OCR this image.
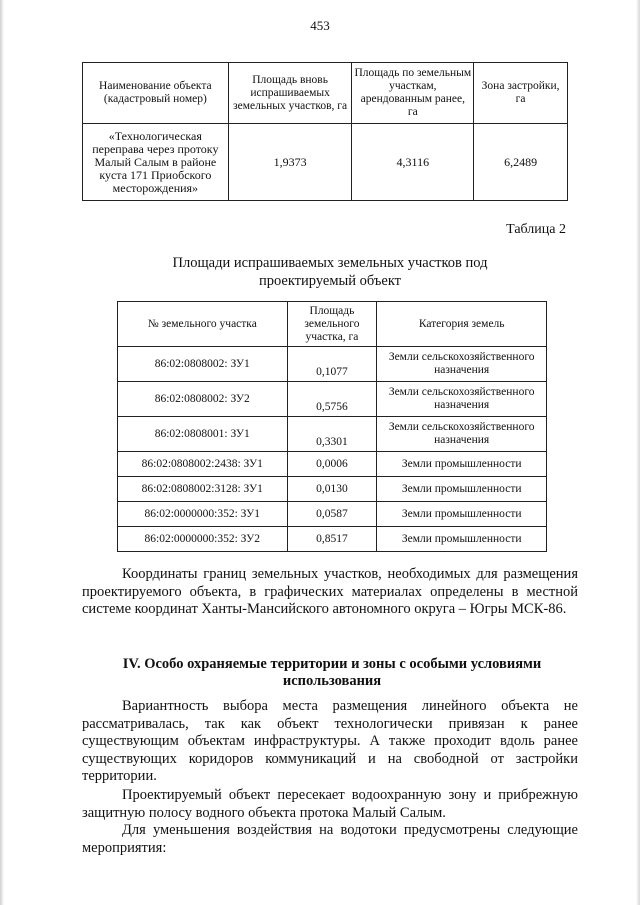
453
Наименование объекта (кадастровый номер)	Площадь вновь испрашиваемых земельных участков, га	Площадь по земельным участкам, арендованным ранее, га	Зона застройки, га
«Технологическая переправа через протоку Малый Салым в районе куста 171 Приобского месторождения»	1,9373	4,3116	6,2489
Таблица 2
Площади испрашиваемых земельных участков под проектируемый объект
№ земельного участка	Площадь земельного участка, га	Категория земель
86:02:0808002: ЗУ1	0,1077	Земли сельскохозяйственного назначения
86:02:0808002: ЗУ2	0,5756	Земли сельскохозяйственного назначения
86:02:0808001: ЗУ1	0,3301	Земли сельскохозяйственного назначения
86:02:0808002:2438: ЗУ1	0,0006	Земли промышленности
86:02:0808002:3128: ЗУ1	0,0130	Земли промышленности
86:02:0000000:352: ЗУ1	0,0587	Земли промышленности
86:02:0000000:352: ЗУ2	0,8517	Земли промышленности
Координаты границ земельных участков, необходимых для размещения проектируемого объекта, в графических материалах определены в местной системе координат Ханты-Мансийского автономного округа – Югры МСК-86.
IV. Особо охраняемые территории и зоны с особыми условиями использования
Вариантность выбора места размещения линейного объекта не рассматривалась, так как объект технологически привязан к ранее существующим объектам инфраструктуры. А также проходит вдоль ранее существующих коридоров коммуникаций и на свободной от застройки территории.
Проектируемый объект пересекает водоохранную зону и прибрежную защитную полосу водного объекта протока Малый Салым.
Для уменьшения воздействия на водотоки предусмотрены следующие мероприятия:
